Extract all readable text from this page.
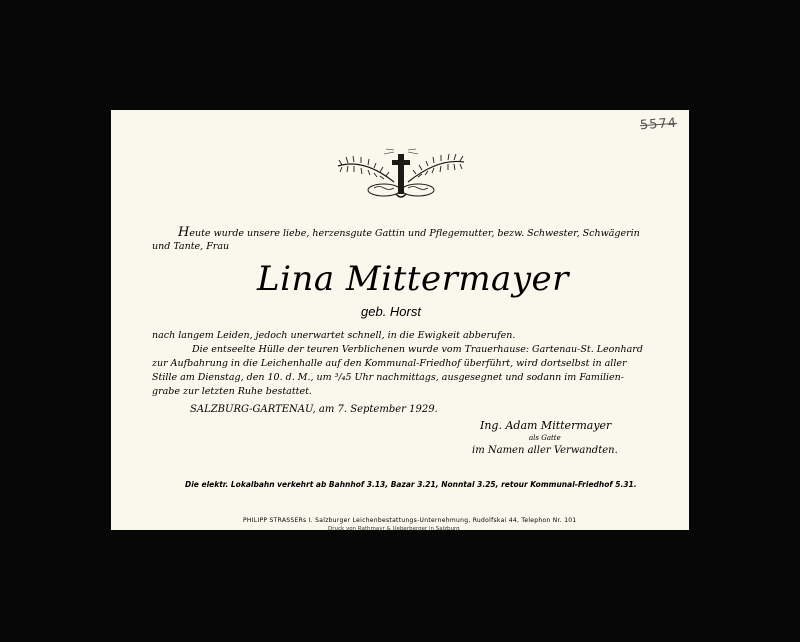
5574
Heute wurde unsere liebe, herzensgute Gattin und Pflegemutter, bezw. Schwester, Schwägerin
und Tante, Frau
Lina Mittermayer
geb. Horst
nach langem Leiden, jedoch unerwartet schnell, in die Ewigkeit abberufen.
Die entseelte Hülle der teuren Verblichenen wurde vom Trauerhause: Gartenau-St. Leonhard
zur Aufbahrung in die Leichenhalle auf den Kommunal-Friedhof überführt, wird dortselbst in aller
Stille am Dienstag, den 10. d. M., um ³/₄5 Uhr nachmittags, ausgesegnet und sodann im Familien-
grabe zur letzten Ruhe bestattet.
SALZBURG-GARTENAU, am 7. September 1929.
Ing. Adam Mittermayer
als Gatte
im Namen aller Verwandten.
Die elektr. Lokalbahn verkehrt ab Bahnhof 3.13, Bazar 3.21, Nonntal 3.25, retour Kommunal-Friedhof 5.31.
PHILIPP STRASSERs I. Salzburger Leichenbestattungs-Unternehmung, Rudolfskai 44, Telephon Nr. 101
Druck von Rathmayr & Ueberberger in Salzburg
